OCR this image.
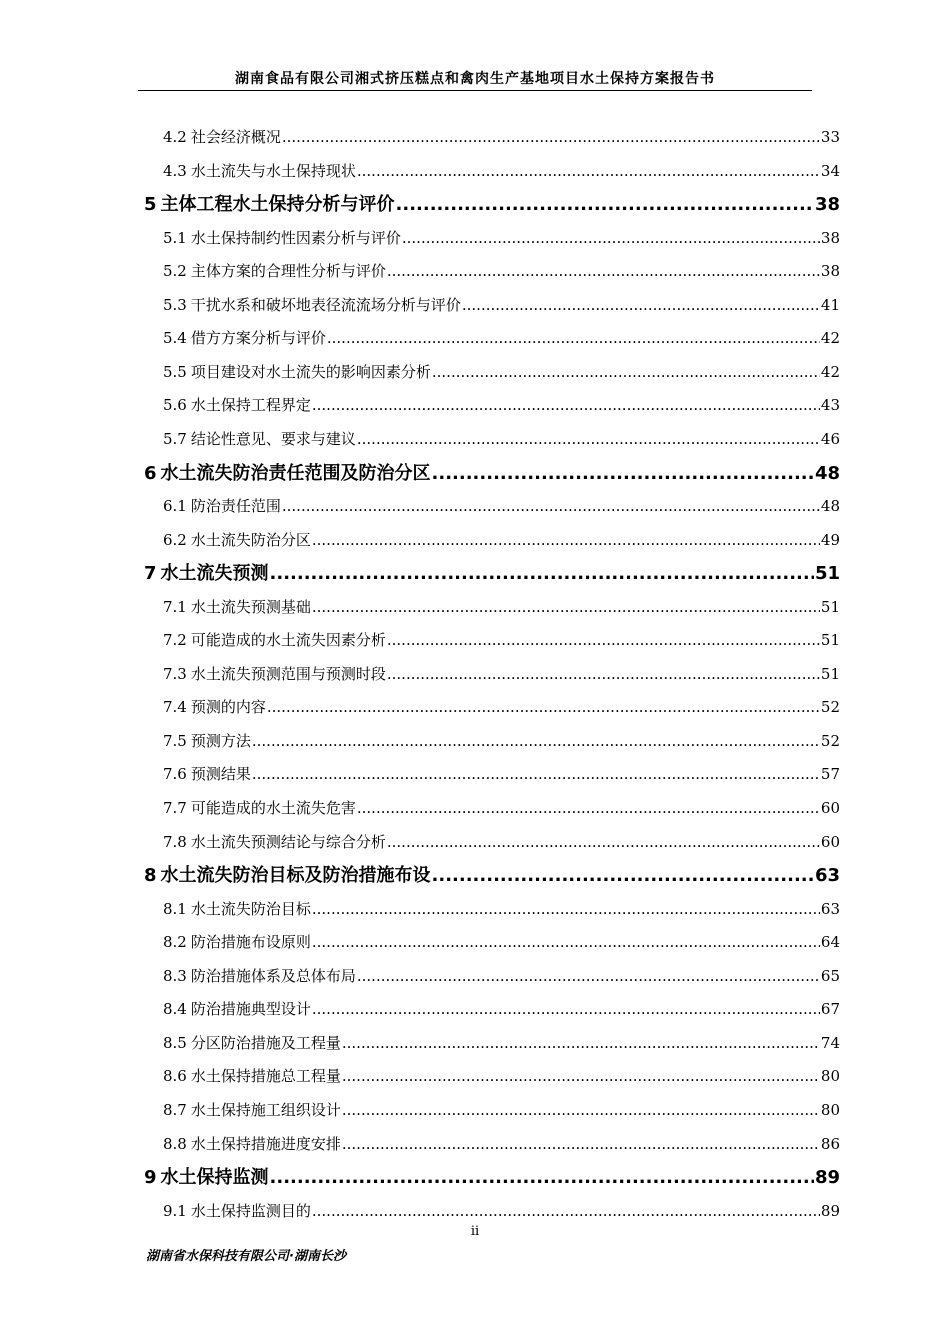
湖南食品有限公司湘式挤压糕点和禽肉生产基地项目水土保持方案报告书
4.2 社会经济概况 .....	33
4.3 水土流失与水土保持现状 .....	34
5 主体工程水土保持分析与评价 .....	38
5.1 水土保持制约性因素分析与评价 .....	38
5.2 主体方案的合理性分析与评价 .....	38
5.3 干扰水系和破坏地表径流流场分析与评价 .....	41
5.4 借方方案分析与评价 .....	42
5.5 项目建设对水土流失的影响因素分析 .....	42
5.6 水土保持工程界定 .....	43
5.7 结论性意见、要求与建议 .....	46
6 水土流失防治责任范围及防治分区 .....	48
6.1 防治责任范围 .....	48
6.2 水土流失防治分区 .....	49
7 水土流失预测 .....	51
7.1 水土流失预测基础 .....	51
7.2 可能造成的水土流失因素分析 .....	51
7.3 水土流失预测范围与预测时段 .....	51
7.4 预测的内容 .....	52
7.5 预测方法 .....	52
7.6 预测结果 .....	57
7.7 可能造成的水土流失危害 .....	60
7.8 水土流失预测结论与综合分析 .....	60
8 水土流失防治目标及防治措施布设 .....	63
8.1 水土流失防治目标 .....	63
8.2 防治措施布设原则 .....	64
8.3 防治措施体系及总体布局 .....	65
8.4 防治措施典型设计 .....	67
8.5 分区防治措施及工程量 .....	74
8.6 水土保持措施总工程量 .....	80
8.7 水土保持施工组织设计 .....	80
8.8 水土保持措施进度安排 .....	86
9 水土保持监测 .....	89
9.1 水土保持监测目的 .....	89
ii
湖南省水保科技有限公司·湖南长沙
